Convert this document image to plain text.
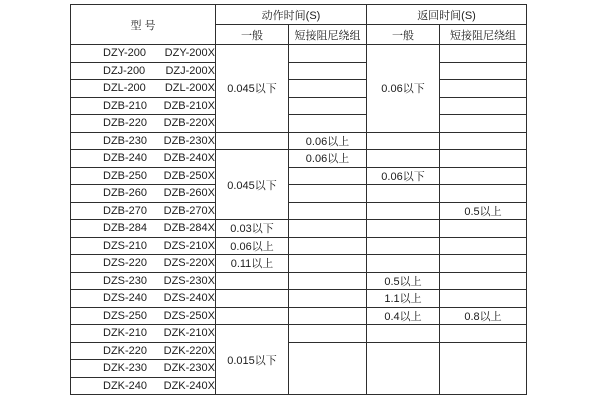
型 号	动作时间(S)		返回时间(S)	
	一般	短接阻尼绕组	一般	短接阻尼绕组

DZY-200 DZY-200X	0.045以下		0.06以下	

DZJ-200 DZJ-200X				

DZL-200 DZL-200X				

DZB-210 DZB-210X				

DZB-220 DZB-220X				

DZB-230 DZB-230X		0.06以上		

DZB-240 DZB-240X	0.045以下	0.06以上		

DZB-250 DZB-250X			0.06以下	

DZB-260 DZB-260X				

DZB-270 DZB-270X				0.5以上

DZB-284 DZB-284X	0.03以下			

DZS-210 DZS-210X	0.06以上			

DZS-220 DZS-220X	0.11以上			

DZS-230 DZS-230X			0.5以上	

DZS-240 DZS-240X			1.1以上	

DZS-250 DZS-250X			0.4以上	0.8以上

DZK-210 DZK-210X	0.015以下			

DZK-220 DZK-220X				

DZK-230 DZK-230X				

DZK-240 DZK-240X				
